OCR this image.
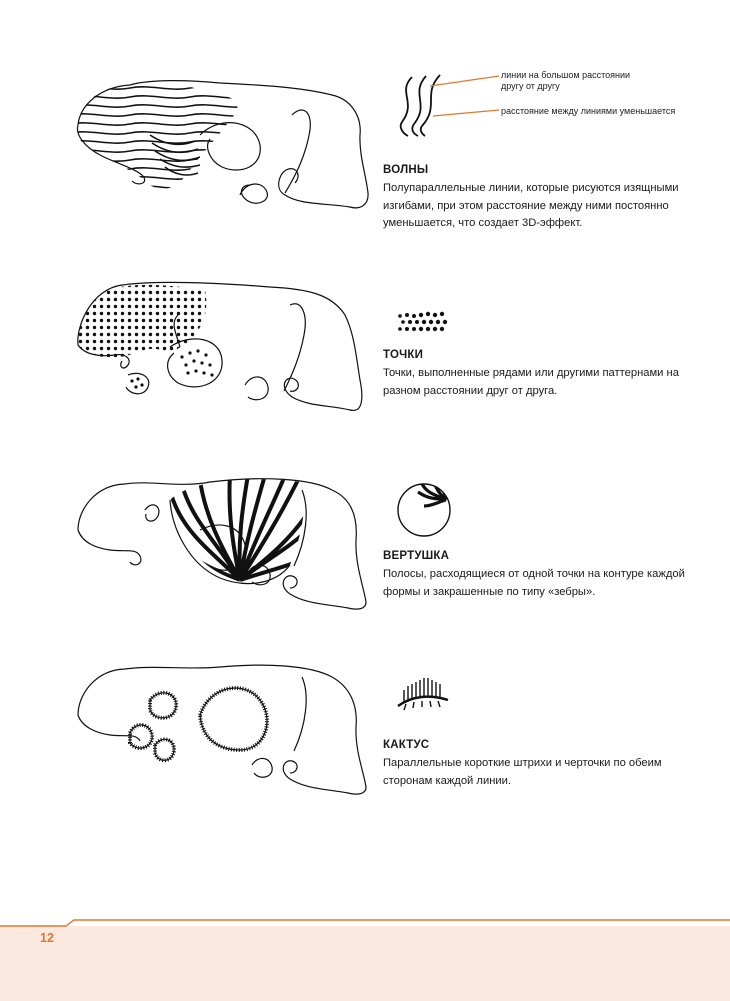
линии на большом расстоянии
другу от другу
расстояние между линиями уменьшается
ВОЛНЫ
Полупараллельные линии, которые рисуются изящными изгибами, при этом расстояние между ними постоянно уменьшается, что создает 3D-эффект.
ТОЧКИ
Точки, выполненные рядами или другими паттернами на разном расстоянии друг от друга.
ВЕРТУШКА
Полосы, расходящиеся от одной точки на контуре каждой формы и закрашенные по типу «зебры».
КАКТУС
Параллельные короткие штрихи и черточки по обеим сторонам каждой линии.
12
